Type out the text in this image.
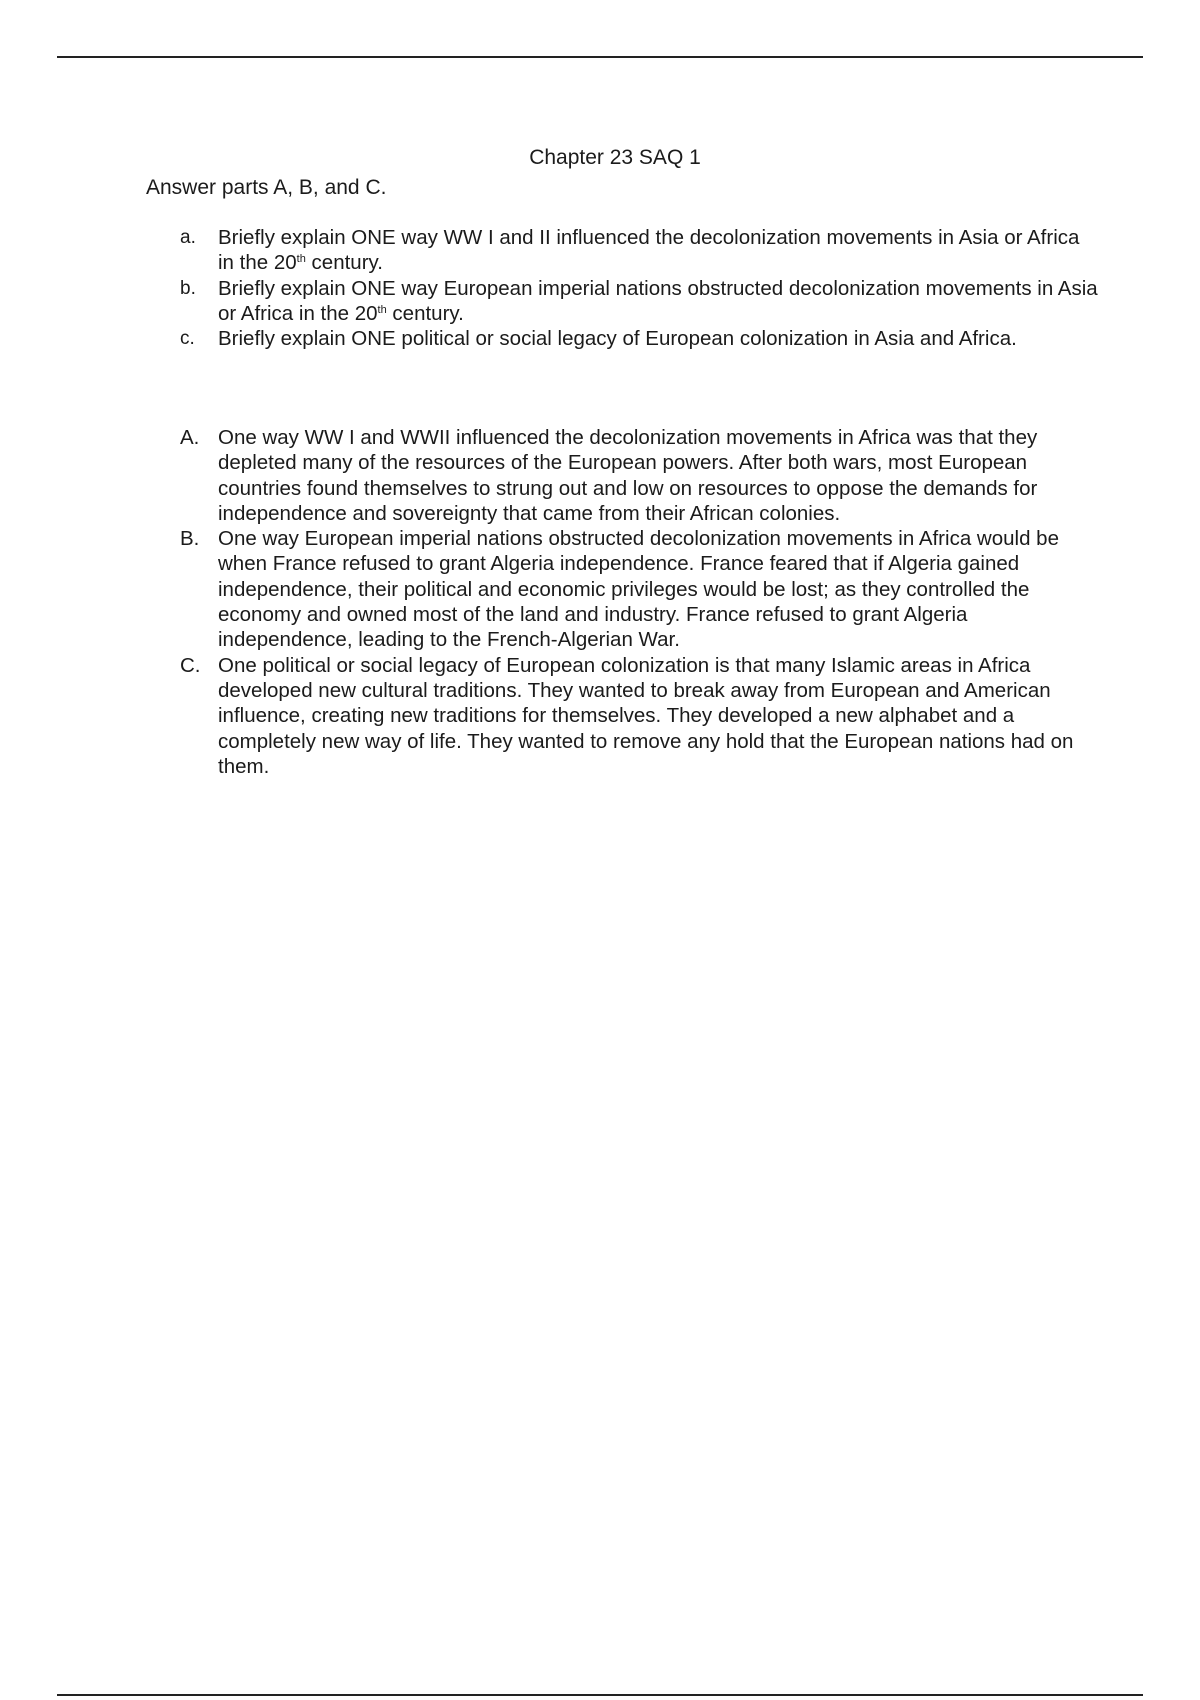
Chapter 23 SAQ 1
Answer parts A, B, and C.
a. Briefly explain ONE way WW I and II influenced the decolonization movements in Asia or Africa in the 20th century.
b. Briefly explain ONE way European imperial nations obstructed decolonization movements in Asia or Africa in the 20th century.
c. Briefly explain ONE political or social legacy of European colonization in Asia and Africa.
A. One way WW I and WWII influenced the decolonization movements in Africa was that they depleted many of the resources of the European powers. After both wars, most European countries found themselves to strung out and low on resources to oppose the demands for independence and sovereignty that came from their African colonies.
B. One way European imperial nations obstructed decolonization movements in Africa would be when France refused to grant Algeria independence. France feared that if Algeria gained independence, their political and economic privileges would be lost; as they controlled the economy and owned most of the land and industry. France refused to grant Algeria independence, leading to the French-Algerian War.
C. One political or social legacy of European colonization is that many Islamic areas in Africa developed new cultural traditions. They wanted to break away from European and American influence, creating new traditions for themselves. They developed a new alphabet and a completely new way of life. They wanted to remove any hold that the European nations had on them.
